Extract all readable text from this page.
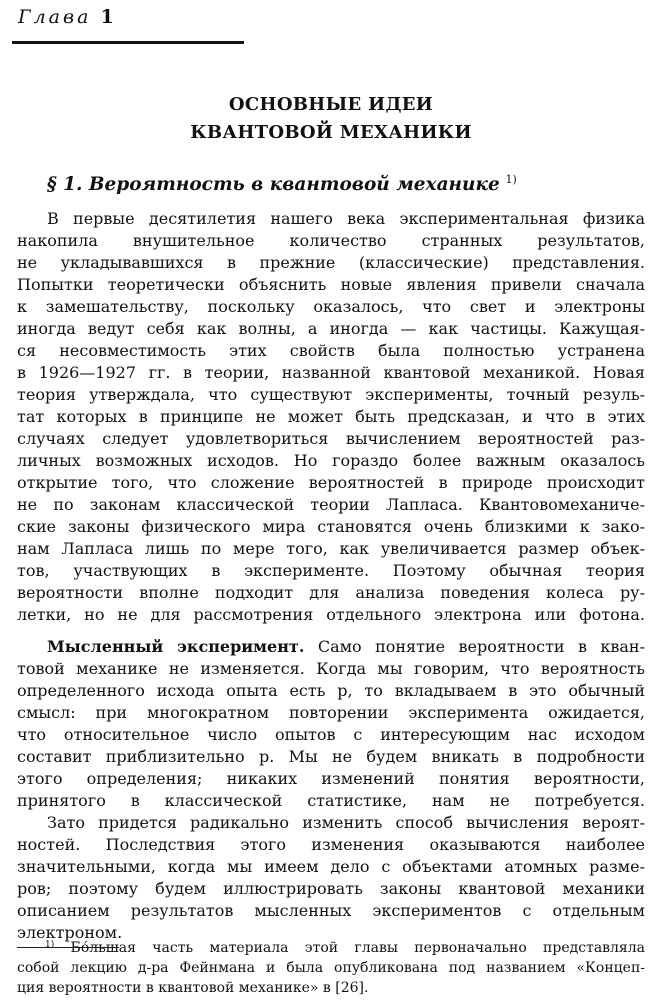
Глава 1

ОСНОВНЫЕ ИДЕИ
КВАНТОВОЙ МЕХАНИКИ
§ 1. Вероятность в квантовой механике $^{1)}$
В первые десятилетия нашего века экспериментальная физика
накопила внушительное количество странных результатов,
не укладывавшихся в прежние (классические) представления.
Попытки теоретически объяснить новые явления привели сначала
к замешательству, поскольку оказалось, что свет и электроны
иногда ведут себя как волны, а иногда — как частицы. Кажущая-
ся несовместимость этих свойств была полностью устранена
в 1926—1927 гг. в теории, названной квантовой механикой. Новая
теория утверждала, что существуют эксперименты, точный резуль-
тат которых в принципе не может быть предсказан, и что в этих
случаях следует удовлетвориться вычислением вероятностей раз-
личных возможных исходов. Но гораздо более важным оказалось
открытие того, что сложение вероятностей в природе происходит
не по законам классической теории Лапласа. Квантовомеханиче-
ские законы физического мира становятся очень близкими к зако-
нам Лапласа лишь по мере того, как увеличивается размер объек-
тов, участвующих в эксперименте. Поэтому обычная теория
вероятности вполне подходит для анализа поведения колеса ру-
летки, но не для рассмотрения отдельного электрона или фотона.
Мысленный эксперимент. Само понятие вероятности в кван-
товой механике не изменяется. Когда мы говорим, что вероятность
определенного исхода опыта есть p, то вкладываем в это обычный
смысл: при многократном повторении эксперимента ожидается,
что относительное число опытов с интересующим нас исходом
составит приблизительно p. Мы не будем вникать в подробности
этого определения; никаких изменений понятия вероятности,
принятого в классической статистике, нам не потребуется.
Зато придется радикально изменить способ вычисления вероят-
ностей. Последствия этого изменения оказываются наиболее
значительными, когда мы имеем дело с объектами атомных разме-
ров; поэтому будем иллюстрировать законы квантовой механики
описанием результатов мысленных экспериментов с отдельным
электроном.
$^{1)}$ Бо́льшая часть материала этой главы первоначально представляла
собой лекцию д-ра Фейнмана и была опубликована под названием «Концеп-
ция вероятности в квантовой механике» в [26].
